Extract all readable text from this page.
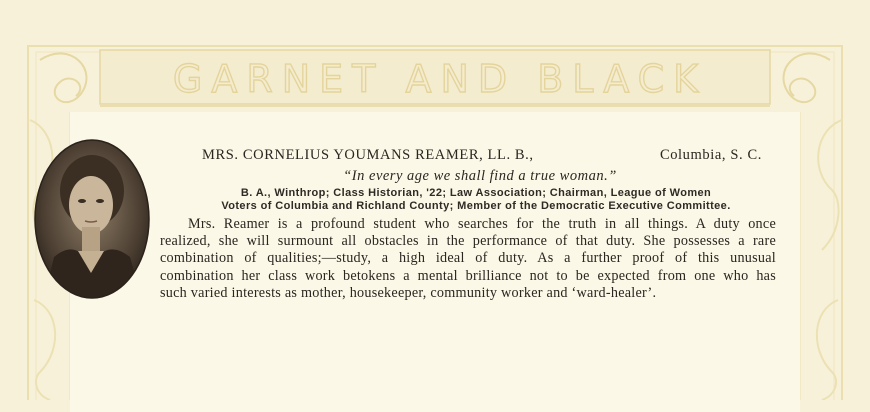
GARNET AND BLACK
MRS. CORNELIUS YOUMANS REAMER, LL. B.,	Columbia, S. C.
“In every age we shall find a true woman.”
B. A., Winthrop; Class Historian, '22; Law Association; Chairman, League of Women
Voters of Columbia and Richland County; Member of the Democratic Executive Committee.
Mrs. Reamer is a profound student who searches for the truth in all things. A duty once
realized, she will surmount all obstacles in the performance of that duty. She possesses a rare
combination of qualities;—study, a high ideal of duty. As a further proof of this unusual
combination her class work betokens a mental brilliance not to be expected from one who has
such varied interests as mother, housekeeper, community worker and ‘ward-healer’.
